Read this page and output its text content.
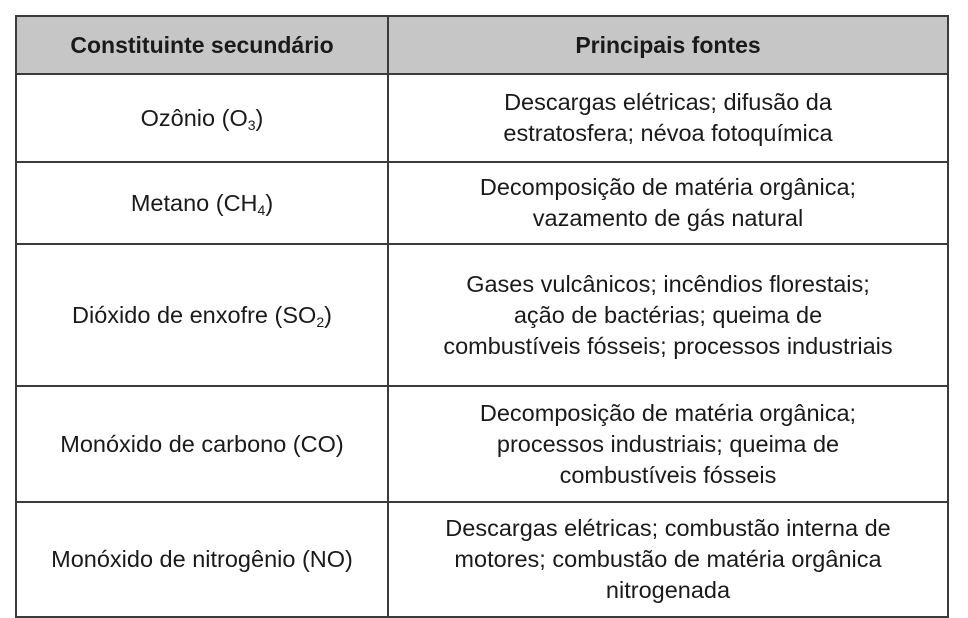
Constituinte secundário	Principais fontes
Ozônio $(O_3)$	Descargas elétricas; difusão da
estratosfera; névoa fotoquímica

Metano $(CH_4)$	Decomposição de matéria orgânica;
vazamento de gás natural

Dióxido de enxofre $(SO_2)$	Gases vulcânicos; incêndios florestais;
ação de bactérias; queima de
combustíveis fósseis; processos industriais

Monóxido de carbono (CO)	Decomposição de matéria orgânica;
processos industriais; queima de
combustíveis fósseis

Monóxido de nitrogênio (NO)	Descargas elétricas; combustão interna de
motores; combustão de matéria orgânica
nitrogenada
